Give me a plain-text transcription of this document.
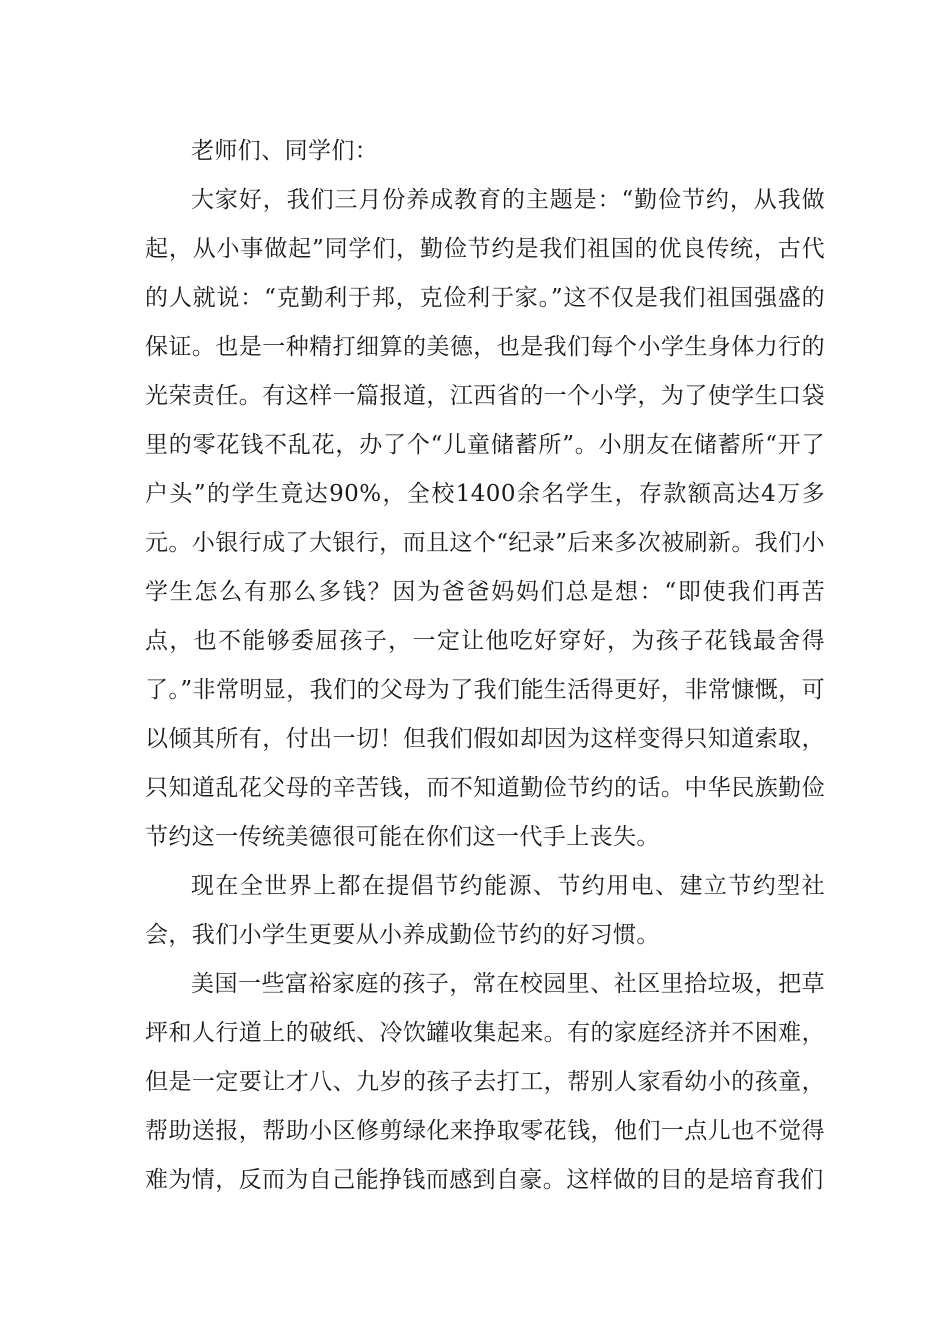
老师们、同学们：

大家好，我们三月份养成教育的主题是：“勤俭节约，从我做起，从小事做起”同学们，勤俭节约是我们祖国的优良传统，古代的人就说：“克勤利于邦，克俭利于家。”这不仅是我们祖国强盛的保证。也是一种精打细算的美德，也是我们每个小学生身体力行的光荣责任。有这样一篇报道，江西省的一个小学，为了使学生口袋里的零花钱不乱花，办了个“儿童储蓄所”。小朋友在储蓄所“开了户头”的学生竟达90%，全校1400余名学生，存款额高达4万多元。小银行成了大银行，而且这个“纪录”后来多次被刷新。我们小学生怎么有那么多钱？因为爸爸妈妈们总是想：“即使我们再苦点，也不能够委屈孩子，一定让他吃好穿好，为孩子花钱最舍得了。”非常明显，我们的父母为了我们能生活得更好，非常慷慨，可以倾其所有，付出一切！但我们假如却因为这样变得只知道索取，只知道乱花父母的辛苦钱，而不知道勤俭节约的话。中华民族勤俭节约这一传统美德很可能在你们这一代手上丧失。

现在全世界上都在提倡节约能源、节约用电、建立节约型社会，我们小学生更要从小养成勤俭节约的好习惯。

美国一些富裕家庭的孩子，常在校园里、社区里拾垃圾，把草坪和人行道上的破纸、冷饮罐收集起来。有的家庭经济并不困难，但是一定要让才八、九岁的孩子去打工，帮别人家看幼小的孩童，帮助送报，帮助小区修剪绿化来挣取零花钱，他们一点儿也不觉得难为情，反而为自己能挣钱而感到自豪。这样做的目的是培育我们
